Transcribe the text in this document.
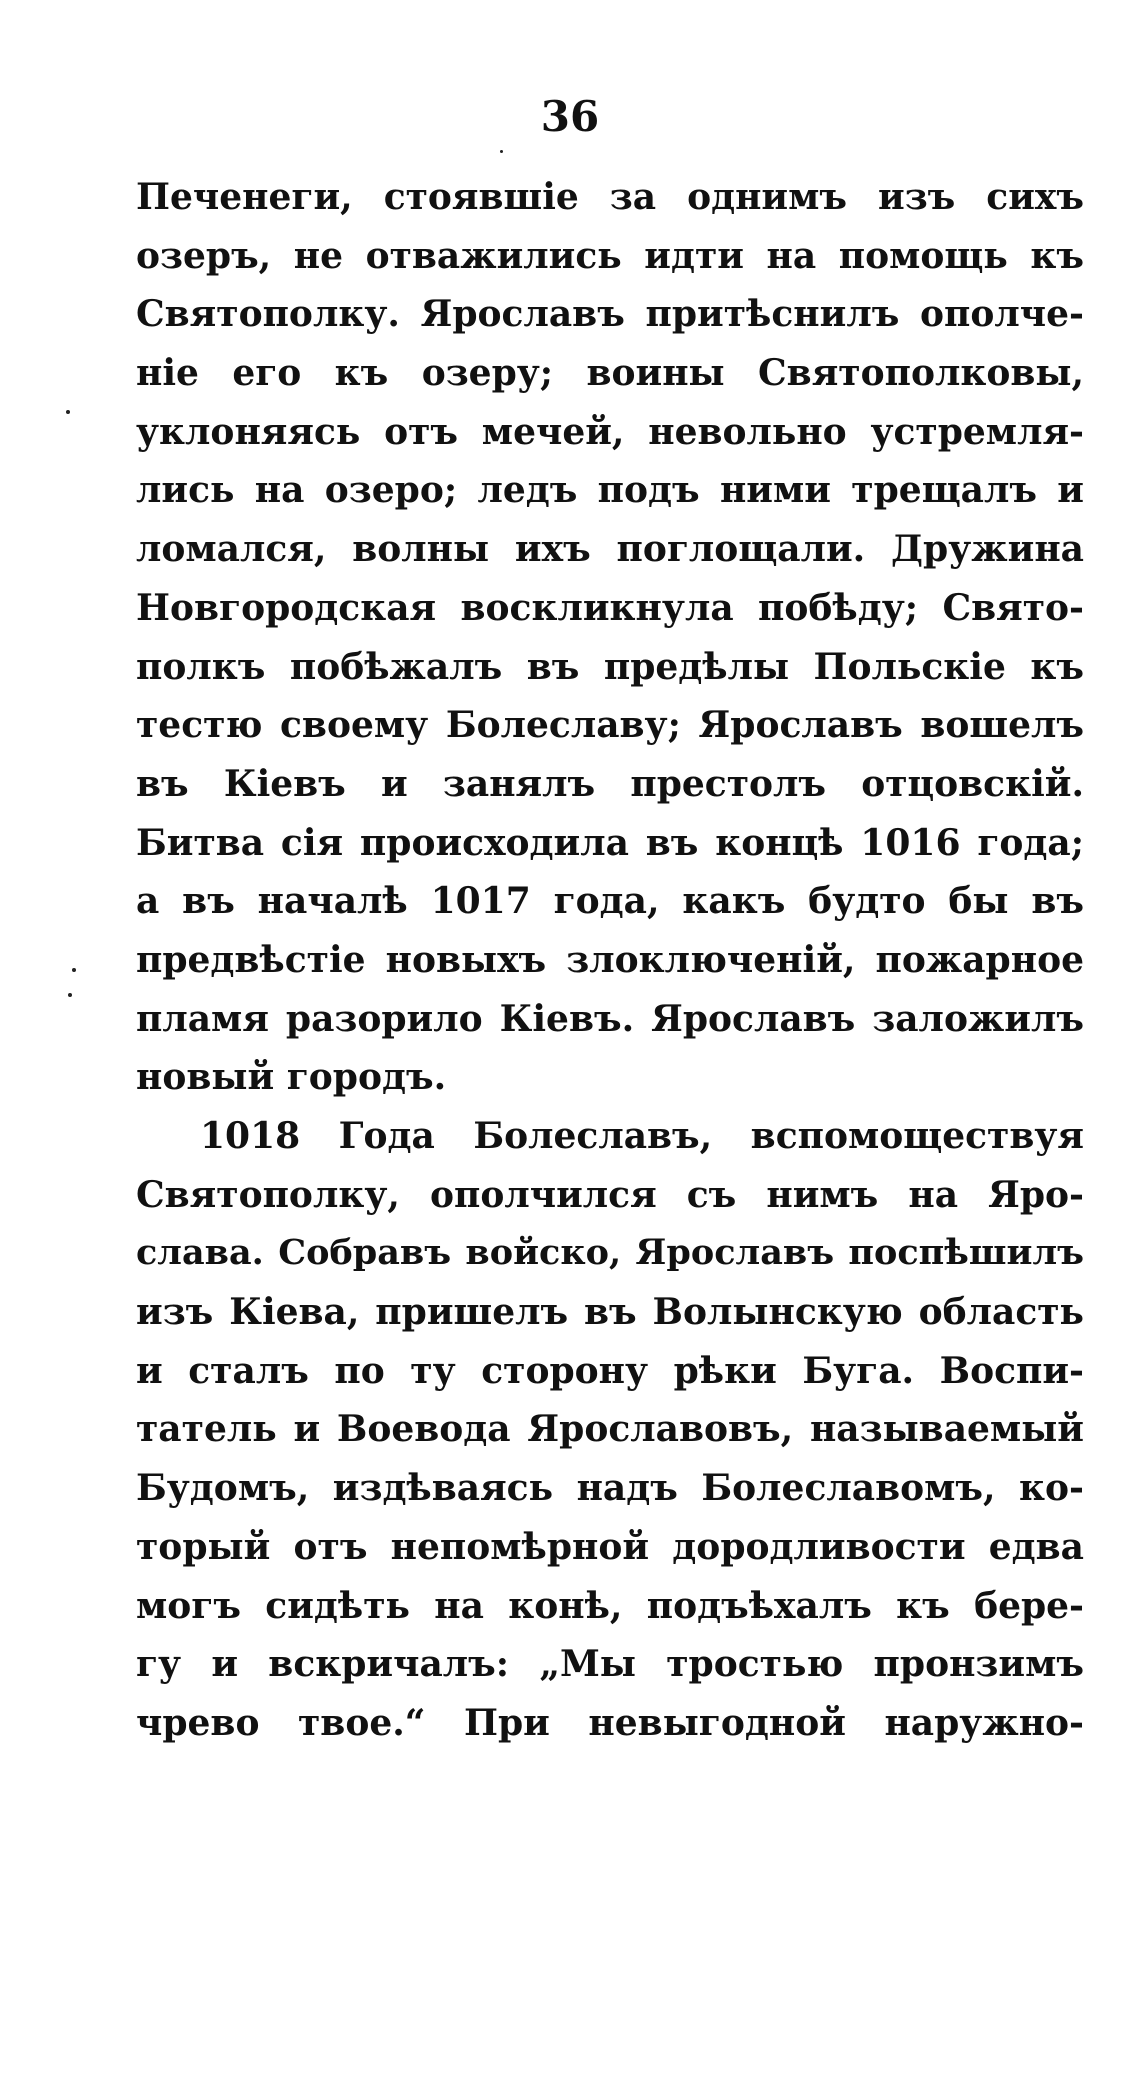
36
Печенеги, стоявшіе за однимъ изъ сихъ
озеръ, не отважились идти на помощь къ
Святополку. Ярославъ притѣснилъ ополче-
ніе его къ озеру; воины Святополковы,
уклоняясь отъ мечей, невольно устремля-
лись на озеро; ледъ подъ ними трещалъ и
ломался, волны ихъ поглощали. Дружина
Новгородская воскликнула побѣду; Свято-
полкъ побѣжалъ въ предѣлы Польскіе къ
тестю своему Болеславу; Ярославъ вошелъ
въ Кіевъ и занялъ престолъ отцовскій.
Битва сія происходила въ концѣ 1016 года;
а въ началѣ 1017 года, какъ будто бы въ
предвѣстіе новыхъ злоключеній, пожарное
пламя разорило Кіевъ. Ярославъ заложилъ
новый городъ.
1018 Года Болеславъ, вспомоществуя
Святополку, ополчился съ нимъ на Яро-
слава. Собравъ войско, Ярославъ поспѣшилъ
изъ Кіева, пришелъ въ Волынскую область
и сталъ по ту сторону рѣки Буга. Воспи-
татель и Воевода Ярославовъ, называемый
Будомъ, издѣваясь надъ Болеславомъ, ко-
торый отъ непомѣрной дородливости едва
могъ сидѣть на конѣ, подъѣхалъ къ бере-
гу и вскричалъ: „Мы тростью пронзимъ
чрево твое.“ При невыгодной наружно-
